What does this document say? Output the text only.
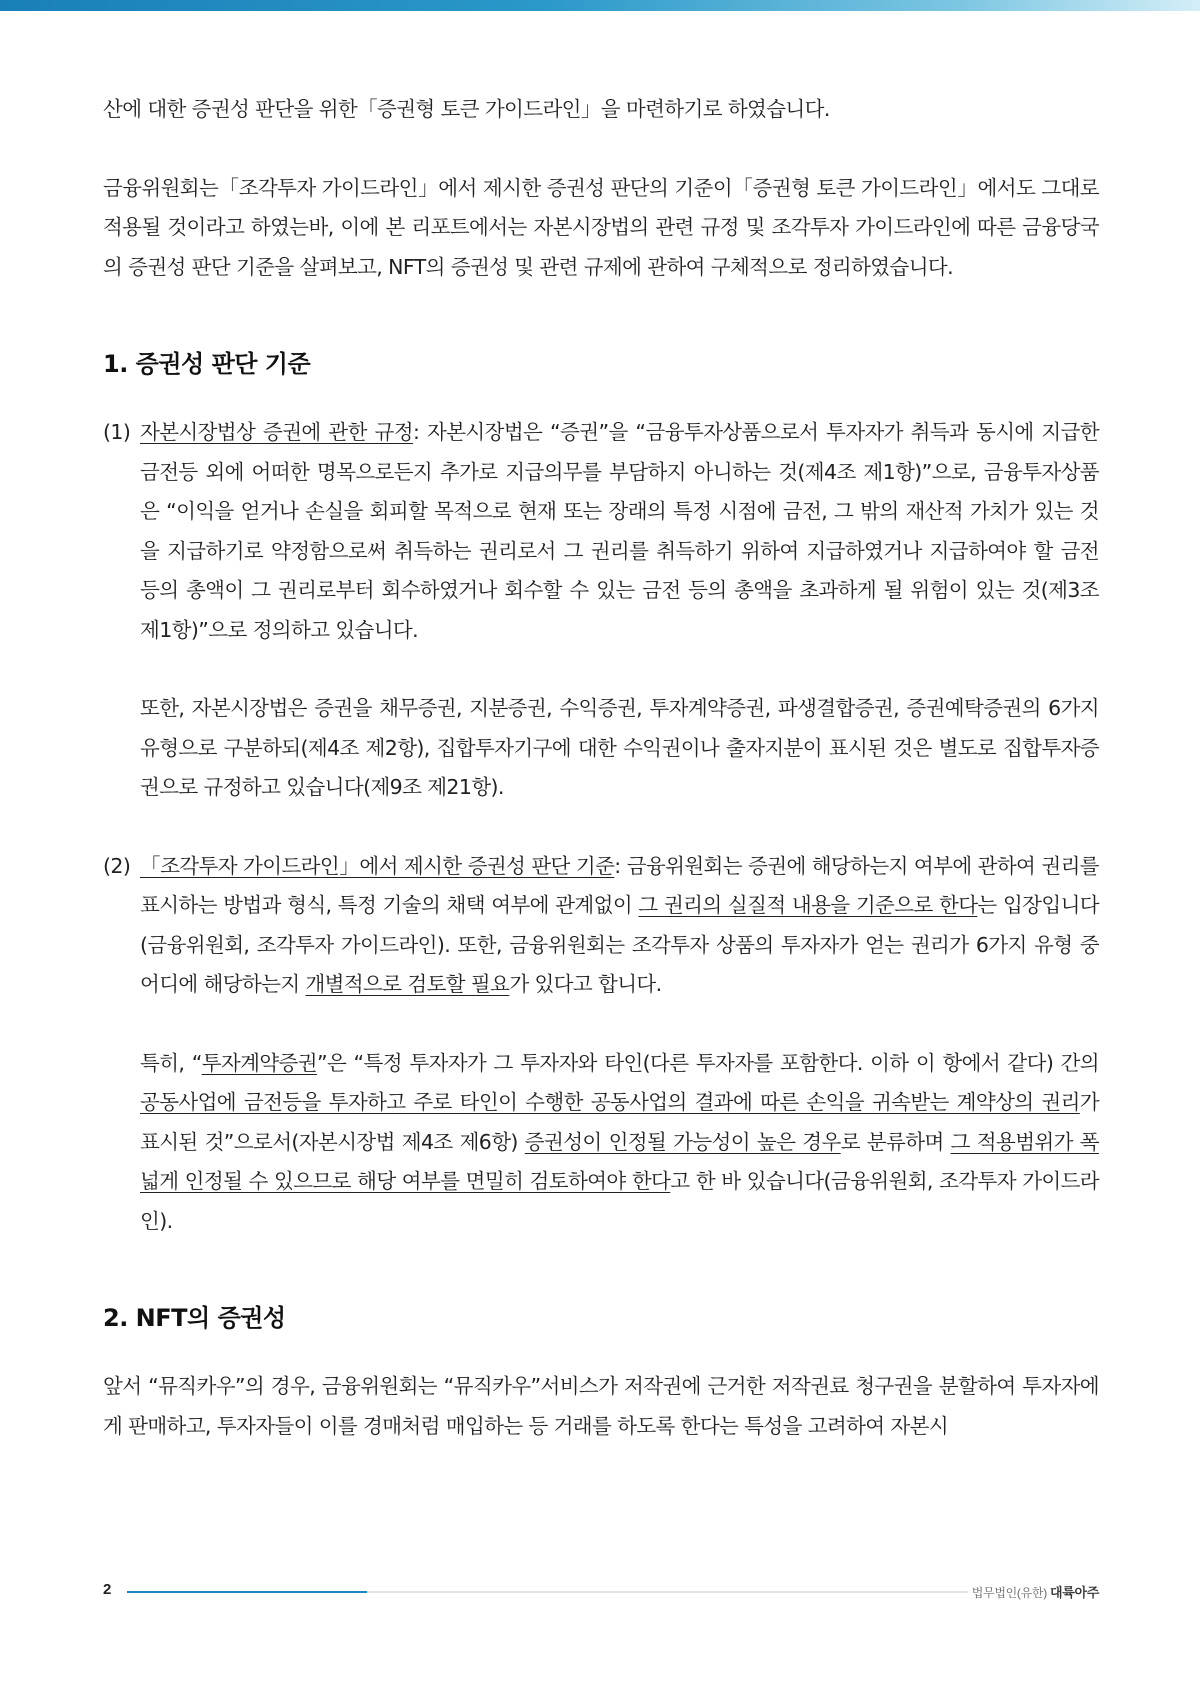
산에 대한 증권성 판단을 위한「증권형 토큰 가이드라인」을 마련하기로 하였습니다.

금융위원회는「조각투자 가이드라인」에서 제시한 증권성 판단의 기준이「증권형 토큰 가이드라인」에서도 그대로 적용될 것이라고 하였는바, 이에 본 리포트에서는 자본시장법의 관련 규정 및 조각투자 가이드라인에 따른 금융당국의 증권성 판단 기준을 살펴보고, NFT의 증권성 및 관련 규제에 관하여 구체적으로 정리하였습니다.

1. 증권성 판단 기준
(1) 자본시장법상 증권에 관한 규정: 자본시장법은 “증권”을 “금융투자상품으로서 투자자가 취득과 동시에 지급한 금전등 외에 어떠한 명목으로든지 추가로 지급의무를 부담하지 아니하는 것(제4조 제1항)”으로, 금융투자상품은 “이익을 얻거나 손실을 회피할 목적으로 현재 또는 장래의 특정 시점에 금전, 그 밖의 재산적 가치가 있는 것을 지급하기로 약정함으로써 취득하는 권리로서 그 권리를 취득하기 위하여 지급하였거나 지급하여야 할 금전 등의 총액이 그 권리로부터 회수하였거나 회수할 수 있는 금전 등의 총액을 초과하게 될 위험이 있는 것(제3조 제1항)”으로 정의하고 있습니다.

또한, 자본시장법은 증권을 채무증권, 지분증권, 수익증권, 투자계약증권, 파생결합증권, 증권예탁증권의 6가지 유형으로 구분하되(제4조 제2항), 집합투자기구에 대한 수익권이나 출자지분이 표시된 것은 별도로 집합투자증권으로 규정하고 있습니다(제9조 제21항).

(2) 「조각투자 가이드라인」에서 제시한 증권성 판단 기준: 금융위원회는 증권에 해당하는지 여부에 관하여 권리를 표시하는 방법과 형식, 특정 기술의 채택 여부에 관계없이 그 권리의 실질적 내용을 기준으로 한다는 입장입니다(금융위원회, 조각투자 가이드라인). 또한, 금융위원회는 조각투자 상품의 투자자가 얻는 권리가 6가지 유형 중 어디에 해당하는지 개별적으로 검토할 필요가 있다고 합니다.

특히, “투자계약증권”은 “특정 투자자가 그 투자자와 타인(다른 투자자를 포함한다. 이하 이 항에서 같다) 간의 공동사업에 금전등을 투자하고 주로 타인이 수행한 공동사업의 결과에 따른 손익을 귀속받는 계약상의 권리가 표시된 것”으로서(자본시장법 제4조 제6항) 증권성이 인정될 가능성이 높은 경우로 분류하며 그 적용범위가 폭넓게 인정될 수 있으므로 해당 여부를 면밀히 검토하여야 한다고 한 바 있습니다(금융위원회, 조각투자 가이드라인).

2. NFT의 증권성

앞서 “뮤직카우”의 경우, 금융위원회는 “뮤직카우”서비스가 저작권에 근거한 저작권료 청구권을 분할하여 투자자에게 판매하고, 투자자들이 이를 경매처럼 매입하는 등 거래를 하도록 한다는 특성을 고려하여 자본시

2	법무법인(유한) 대륙아주
